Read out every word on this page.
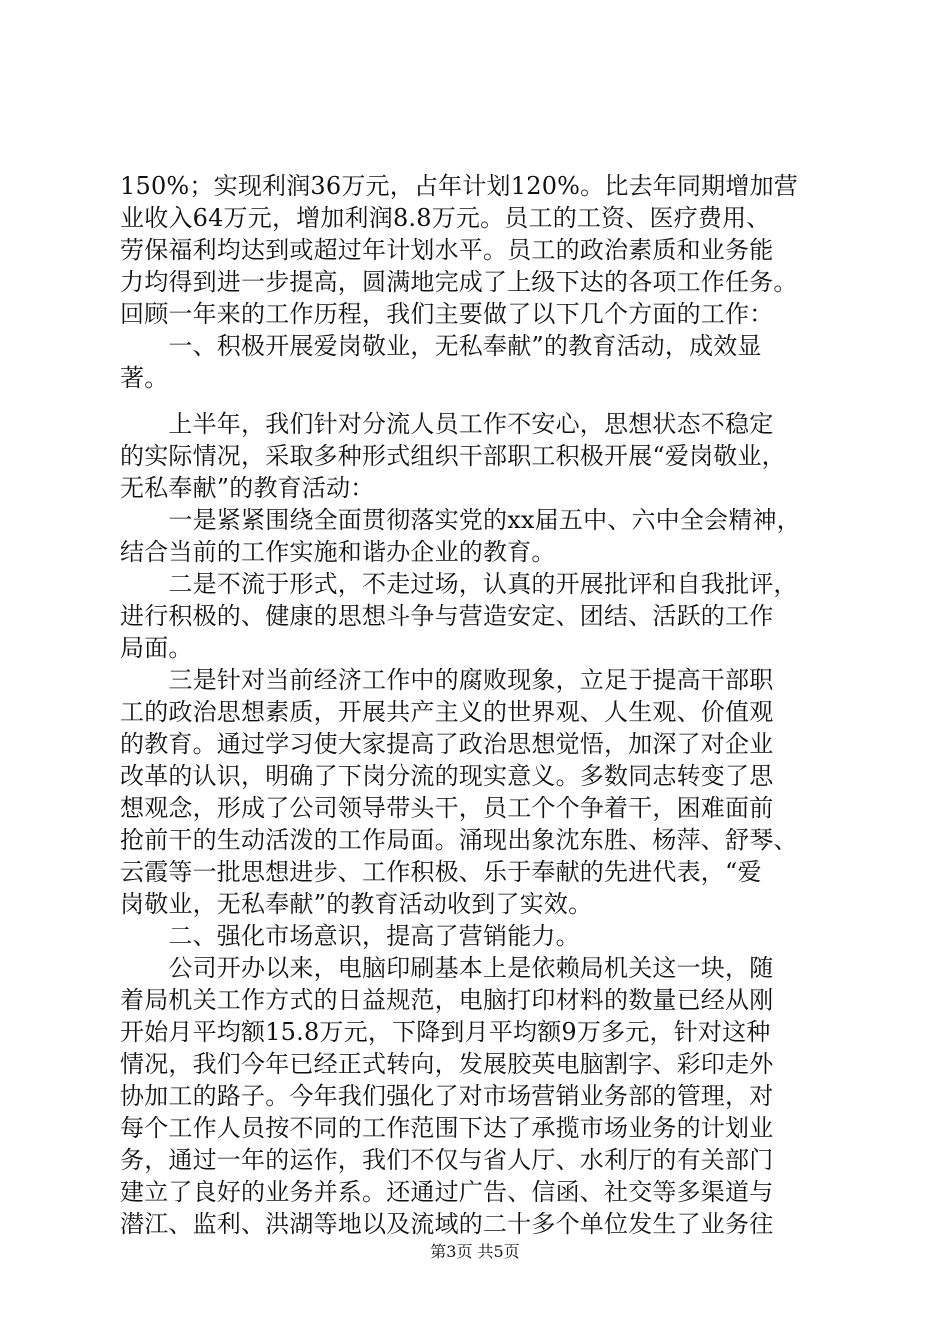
150%；实现利润36万元，占年计划120%。比去年同期增加营
业收入64万元，增加利润8.8万元。员工的工资、医疗费用、
劳保福利均达到或超过年计划水平。员工的政治素质和业务能
力均得到进一步提高，圆满地完成了上级下达的各项工作任务。
回顾一年来的工作历程，我们主要做了以下几个方面的工作：
　　一、积极开展爱岗敬业，无私奉献”的教育活动，成效显
著。
　　上半年，我们针对分流人员工作不安心，思想状态不稳定
的实际情况，采取多种形式组织干部职工积极开展“爱岗敬业，
无私奉献”的教育活动：
　　一是紧紧围绕全面贯彻落实党的xx届五中、六中全会精神，
结合当前的工作实施和谐办企业的教育。
　　二是不流于形式，不走过场，认真的开展批评和自我批评，
进行积极的、健康的思想斗争与营造安定、团结、活跃的工作
局面。
　　三是针对当前经济工作中的腐败现象，立足于提高干部职
工的政治思想素质，开展共产主义的世界观、人生观、价值观
的教育。通过学习使大家提高了政治思想觉悟，加深了对企业
改革的认识，明确了下岗分流的现实意义。多数同志转变了思
想观念，形成了公司领导带头干，员工个个争着干，困难面前
抢前干的生动活泼的工作局面。涌现出象沈东胜、杨萍、舒琴、
云霞等一批思想进步、工作积极、乐于奉献的先进代表，“爱
岗敬业，无私奉献”的教育活动收到了实效。
　　二、强化市场意识，提高了营销能力。
　　公司开办以来，电脑印刷基本上是依赖局机关这一块，随
着局机关工作方式的日益规范，电脑打印材料的数量已经从刚
开始月平均额15.8万元，下降到月平均额9万多元，针对这种
情况，我们今年已经正式转向，发展胶英电脑割字、彩印走外
协加工的路子。今年我们强化了对市场营销业务部的管理，对
每个工作人员按不同的工作范围下达了承揽市场业务的计划业
务，通过一年的运作，我们不仅与省人厅、水利厅的有关部门
建立了良好的业务并系。还通过广告、信函、社交等多渠道与
潜江、监利、洪湖等地以及流域的二十多个单位发生了业务往
第3页 共5页
